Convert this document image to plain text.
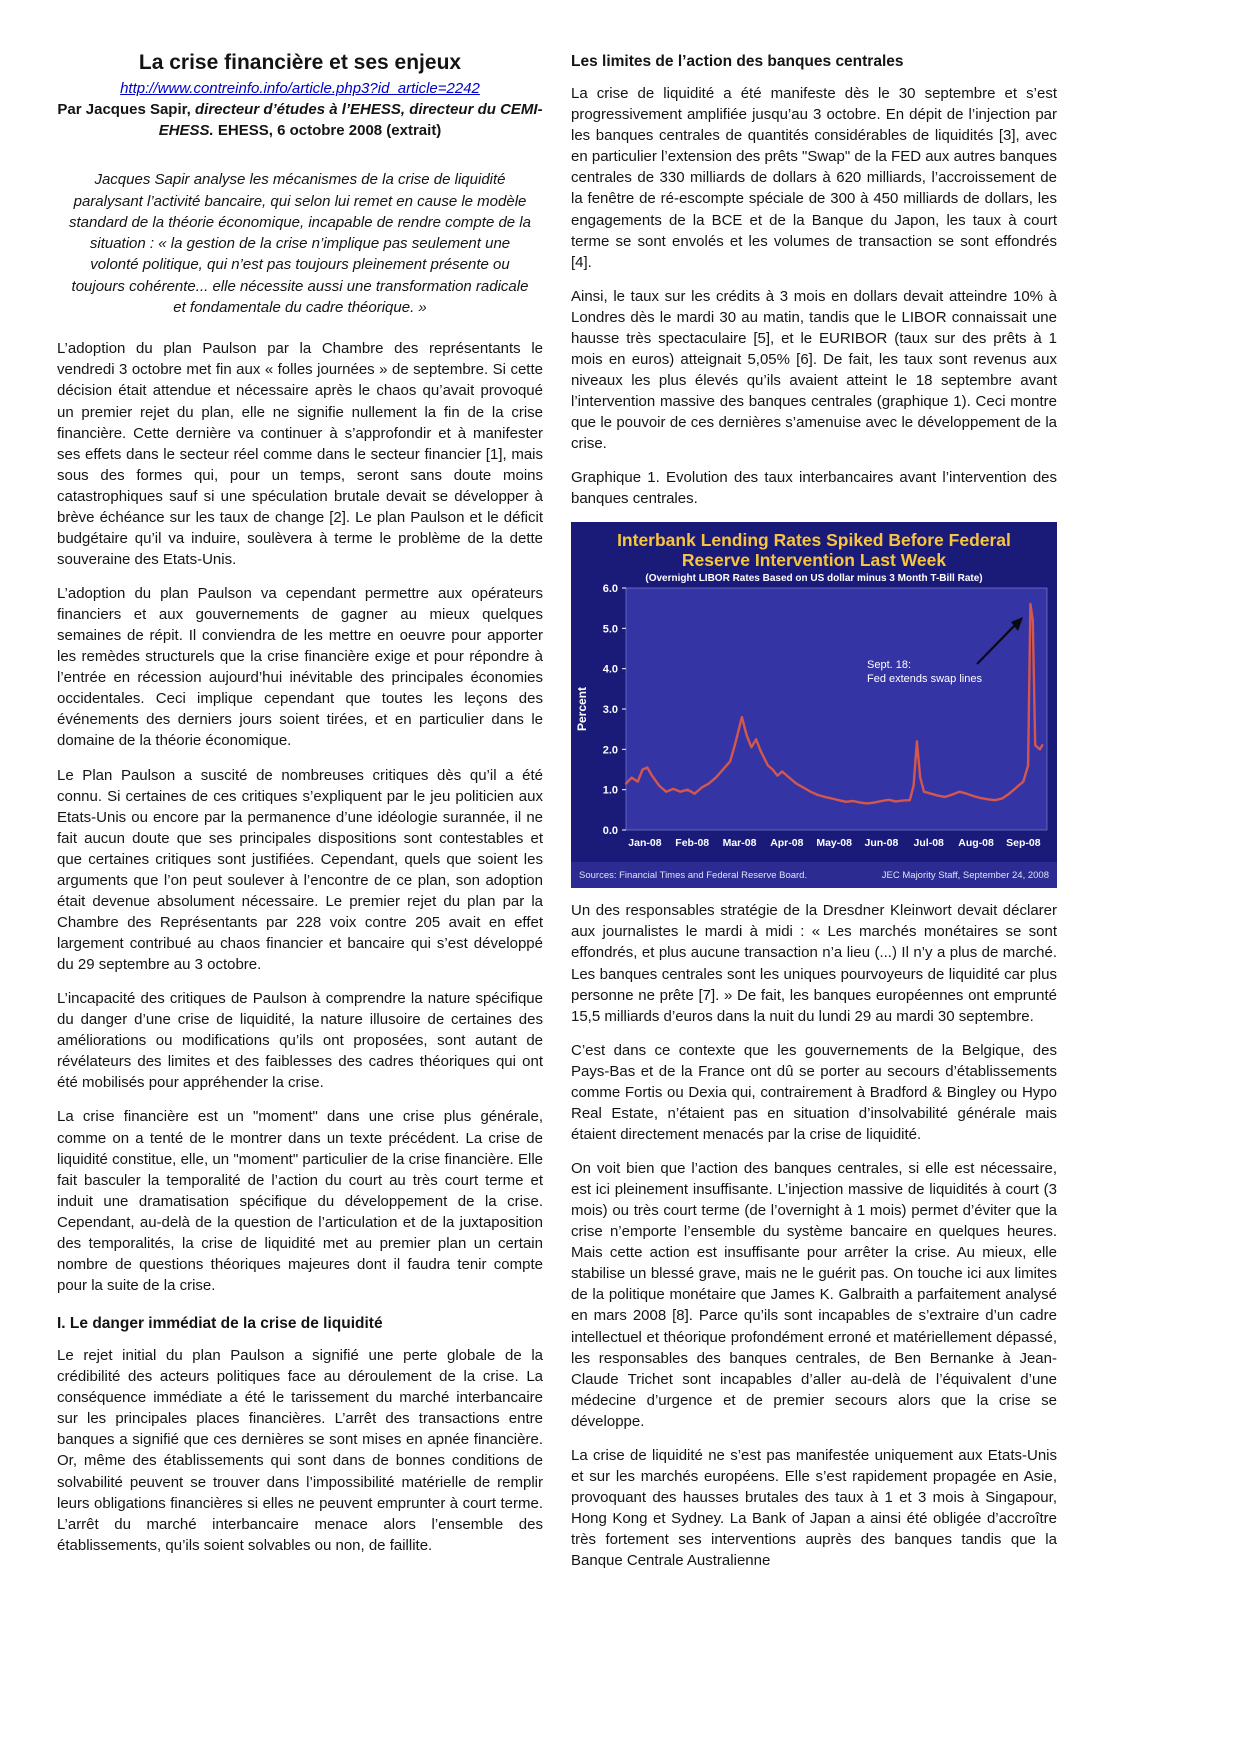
La crise financière et ses enjeux
http://www.contreinfo.info/article.php3?id_article=2242

Par Jacques Sapir, directeur d’études à l’EHESS, directeur du CEMI-EHESS. EHESS, 6 octobre 2008 (extrait)

Jacques Sapir analyse les mécanismes de la crise de liquidité paralysant l’activité bancaire, qui selon lui remet en cause le modèle standard de la théorie économique, incapable de rendre compte de la situation : « la gestion de la crise n’implique pas seulement une volonté politique, qui n’est pas toujours pleinement présente ou toujours cohérente... elle nécessite aussi une transformation radicale et fondamentale du cadre théorique. »

L’adoption du plan Paulson par la Chambre des représentants le vendredi 3 octobre met fin aux « folles journées » de septembre. Si cette décision était attendue et nécessaire après le chaos qu’avait provoqué un premier rejet du plan, elle ne signifie nullement la fin de la crise financière. Cette dernière va continuer à s’approfondir et à manifester ses effets dans le secteur réel comme dans le secteur financier [1], mais sous des formes qui, pour un temps, seront sans doute moins catastrophiques sauf si une spéculation brutale devait se développer à brève échéance sur les taux de change [2]. Le plan Paulson et le déficit budgétaire qu’il va induire, soulèvera à terme le problème de la dette souveraine des Etats-Unis.

L’adoption du plan Paulson va cependant permettre aux opérateurs financiers et aux gouvernements de gagner au mieux quelques semaines de répit. Il conviendra de les mettre en oeuvre pour apporter les remèdes structurels que la crise financière exige et pour répondre à l’entrée en récession aujourd’hui inévitable des principales économies occidentales. Ceci implique cependant que toutes les leçons des événements des derniers jours soient tirées, et en particulier dans le domaine de la théorie économique.

Le Plan Paulson a suscité de nombreuses critiques dès qu’il a été connu. Si certaines de ces critiques s’expliquent par le jeu politicien aux Etats-Unis ou encore par la permanence d’une idéologie surannée, il ne fait aucun doute que ses principales dispositions sont contestables et que certaines critiques sont justifiées. Cependant, quels que soient les arguments que l’on peut soulever à l’encontre de ce plan, son adoption était devenue absolument nécessaire. Le premier rejet du plan par la Chambre des Représentants par 228 voix contre 205 avait en effet largement contribué au chaos financier et bancaire qui s’est développé du 29 septembre au 3 octobre.

L’incapacité des critiques de Paulson à comprendre la nature spécifique du danger d’une crise de liquidité, la nature illusoire de certaines des améliorations ou modifications qu’ils ont proposées, sont autant de révélateurs des limites et des faiblesses des cadres théoriques qui ont été mobilisés pour appréhender la crise.

La crise financière est un "moment" dans une crise plus générale, comme on a tenté de le montrer dans un texte précédent. La crise de liquidité constitue, elle, un "moment" particulier de la crise financière. Elle fait basculer la temporalité de l’action du court au très court terme et induit une dramatisation spécifique du développement de la crise. Cependant, au-delà de la question de l’articulation et de la juxtaposition des temporalités, la crise de liquidité met au premier plan un certain nombre de questions théoriques majeures dont il faudra tenir compte pour la suite de la crise.

I. Le danger immédiat de la crise de liquidité

Le rejet initial du plan Paulson a signifié une perte globale de la crédibilité des acteurs politiques face au déroulement de la crise. La conséquence immédiate a été le tarissement du marché interbancaire sur les principales places financières. L’arrêt des transactions entre banques a signifié que ces dernières se sont mises en apnée financière. Or, même des établissements qui sont dans de bonnes conditions de solvabilité peuvent se trouver dans l’impossibilité matérielle de remplir leurs obligations financières si elles ne peuvent emprunter à court terme. L’arrêt du marché interbancaire menace alors l’ensemble des établissements, qu’ils soient solvables ou non, de faillite.

Les limites de l’action des banques centrales

La crise de liquidité a été manifeste dès le 30 septembre et s’est progressivement amplifiée jusqu’au 3 octobre. En dépit de l’injection par les banques centrales de quantités considérables de liquidités [3], avec en particulier l’extension des prêts "Swap" de la FED aux autres banques centrales de 330 milliards de dollars à 620 milliards, l’accroissement de la fenêtre de ré-escompte spéciale de 300 à 450 milliards de dollars, les engagements de la BCE et de la Banque du Japon, les taux à court terme se sont envolés et les volumes de transaction se sont effondrés [4].

Ainsi, le taux sur les crédits à 3 mois en dollars devait atteindre 10% à Londres dès le mardi 30 au matin, tandis que le LIBOR connaissait une hausse très spectaculaire [5], et le EURIBOR (taux sur des prêts à 1 mois en euros) atteignait 5,05% [6]. De fait, les taux sont revenus aux niveaux les plus élevés qu’ils avaient atteint le 18 septembre avant l’intervention massive des banques centrales (graphique 1). Ceci montre que le pouvoir de ces dernières s’amenuise avec le développement de la crise.

Graphique 1. Evolution des taux interbancaires avant l’intervention des banques centrales.

Interbank Lending Rates Spiked Before Federal
Reserve Intervention Last Week
(Overnight LIBOR Rates Based on US dollar minus 3 Month T-Bill Rate)
Percent
0.0
1.0
2.0
3.0
4.0
5.0
6.0
Jan-08 Feb-08 Mar-08 Apr-08 May-08 Jun-08 Jul-08 Aug-08 Sep-08
Sept. 18:
Fed extends swap lines
Sources: Financial Times and Federal Reserve Board.	JEC Majority Staff, September 24, 2008

Un des responsables stratégie de la Dresdner Kleinwort devait déclarer aux journalistes le mardi à midi : « Les marchés monétaires se sont effondrés, et plus aucune transaction n’a lieu (...) Il n’y a plus de marché. Les banques centrales sont les uniques pourvoyeurs de liquidité car plus personne ne prête [7]. » De fait, les banques européennes ont emprunté 15,5 milliards d’euros dans la nuit du lundi 29 au mardi 30 septembre.

C’est dans ce contexte que les gouvernements de la Belgique, des Pays-Bas et de la France ont dû se porter au secours d’établissements comme Fortis ou Dexia qui, contrairement à Bradford & Bingley ou Hypo Real Estate, n’étaient pas en situation d’insolvabilité générale mais étaient directement menacés par la crise de liquidité.

On voit bien que l’action des banques centrales, si elle est nécessaire, est ici pleinement insuffisante. L’injection massive de liquidités à court (3 mois) ou très court terme (de l’overnight à 1 mois) permet d’éviter que la crise n’emporte l’ensemble du système bancaire en quelques heures. Mais cette action est insuffisante pour arrêter la crise. Au mieux, elle stabilise un blessé grave, mais ne le guérit pas. On touche ici aux limites de la politique monétaire que James K. Galbraith a parfaitement analysé en mars 2008 [8]. Parce qu’ils sont incapables de s’extraire d’un cadre intellectuel et théorique profondément erroné et matériellement dépassé, les responsables des banques centrales, de Ben Bernanke à Jean-Claude Trichet sont incapables d’aller au-delà de l’équivalent d’une médecine d’urgence et de premier secours alors que la crise se développe.

La crise de liquidité ne s’est pas manifestée uniquement aux Etats-Unis et sur les marchés européens. Elle s’est rapidement propagée en Asie, provoquant des hausses brutales des taux à 1 et 3 mois à Singapour, Hong Kong et Sydney. La Bank of Japan a ainsi été obligée d’accroître très fortement ses interventions auprès des banques tandis que la Banque Centrale Australienne
